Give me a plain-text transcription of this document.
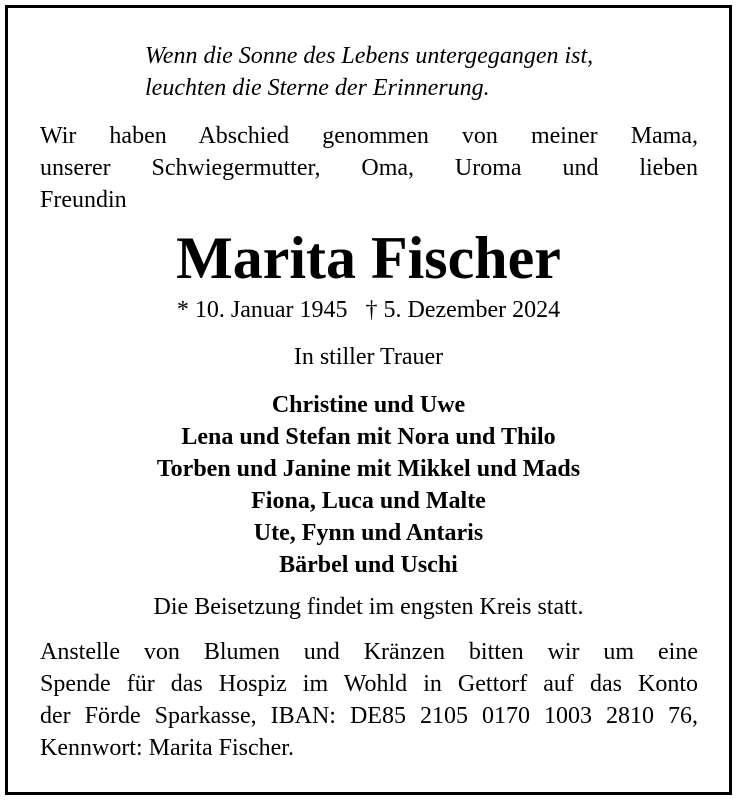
Wenn die Sonne des Lebens untergegangen ist,
leuchten die Sterne der Erinnerung.
Wir haben Abschied genommen von meiner Mama,
unserer Schwiegermutter, Oma, Uroma und lieben
Freundin
Marita Fischer
* 10. Januar 1945   † 5. Dezember 2024
In stiller Trauer
Christine und Uwe
Lena und Stefan mit Nora und Thilo
Torben und Janine mit Mikkel und Mads
Fiona, Luca und Malte
Ute, Fynn und Antaris
Bärbel und Uschi
Die Beisetzung findet im engsten Kreis statt.
Anstelle von Blumen und Kränzen bitten wir um eine
Spende für das Hospiz im Wohld in Gettorf auf das Konto
der Förde Sparkasse, IBAN: DE85 2105 0170 1003 2810 76,
Kennwort: Marita Fischer.
